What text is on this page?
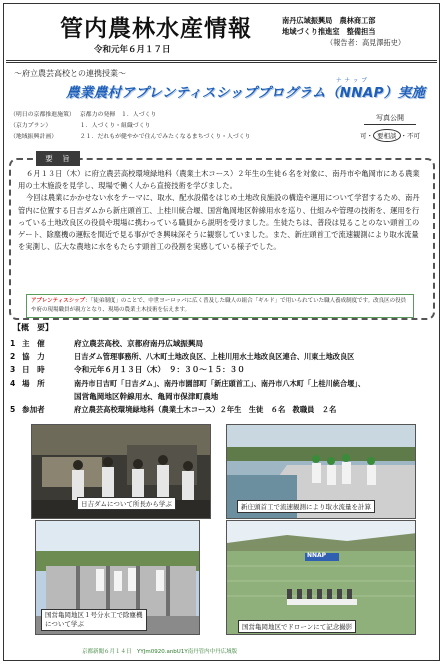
管内農林水産情報
令和元年６月１７日
南丹広域振興局　農林商工部
地域づくり推進室　整備担当
（報告者：高見澤拓史）
〜府立農芸高校との連携授業〜
ナナップ
農業農村アプレンティスシッププログラム（NNAP）実施
（明日の京都推進施策）	京都力の発揮　１．人づくり
（京力プラン）	１．人づくり・組織づくり
（地域振興計画）	２１．だれもが健やかで住んでみたくなるまちづくり・人づくり
写真公開
可・ 要相談 ・不可
要　旨

６月１３日（木）に府立農芸高校環境緑地科（農業土木コース）２年生の生徒６名を対象に、南丹市や亀岡市にある農業用の土木施設を見学し、現場で働く人から直接技術を学びました。

今回は農業にかかせない水をテーマに、取水、配水設備をはじめ土地改良施設の構造や運用について学習するため、南丹管内に位置する日吉ダムから新庄頭首工、上桂川統合堰、国営亀岡地区幹線用水を巡り、仕組みや管理の技術を、運用を行っている土地改良区の役員や現場に携わっている職員から説明を受けました。生徒たちは、普段は見ることのない頭首工のゲート、除塵機の運転を間近で見る事ができ興味深そうに観察していました。また、新庄頭首工で流速観測により取水流量を実測し、広大な農地に水をもたらす頭首工の役割を実感している様子でした。

アプレンティスシップ：「徒弟制度」のことで、中世ヨーロッパに広く普及した職人の組合「ギルド」で用いられていた職人養成制度です。改良区の役員や府の現場職員が親方となり、現場の農業土木技術を伝えます。
【概　要】
1 主　催	府立農芸高校、京都府南丹広域振興局
2 協　力	日吉ダム管理事務所、八木町土地改良区、上桂川用水土地改良区連合、川東土地改良区
3 日　時	令和元年６月１３日（木）　９：３０～１５：３０
4 場　所	南丹市日吉町「日吉ダム」、南丹市園部町「新庄頭首工」、南丹市八木町「上桂川統合堰」、
国営亀岡地区幹線用水、亀岡市保津町農地
5 参加者	府立農芸高校環境緑地科（農業土木コース）２年生　生徒　６名　教職員　２名
日吉ダムについて所長から学ぶ	新庄頭首工で流速観測により取水流量を計算
国営亀岡地区１号分水工で除塵機
について学ぶ
NNAP
国営亀岡地区でドローンにて記念撮影
京都新聞６月１４日　YYJm0920.anbU1Y南丹管内中丹広域版
